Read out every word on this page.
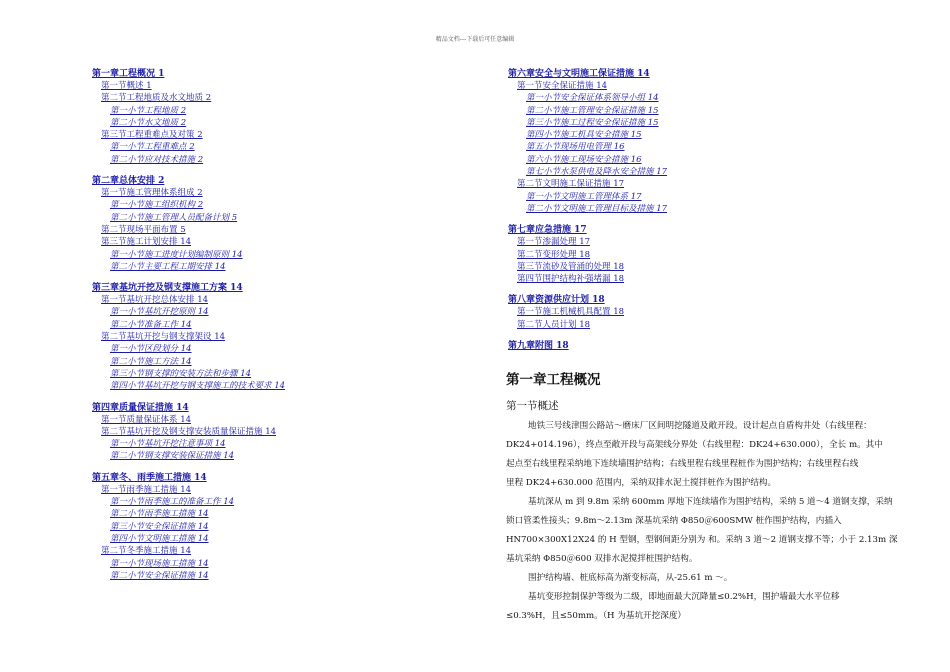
精品文档---下载后可任意编辑
第一章工程概况 1
第一节概述 1
第二节工程地质及水文地质 2
第一小节工程地质 2
第二小节水文地质 2
第三节工程重难点及对策 2
第一小节工程重难点 2
第二小节应对技术措施 2
第二章总体安排 2
第一节施工管理体系组成 2
第一小节施工组织机构 2
第二小节施工管理人员配备计划 5
第二节现场平面布置 5
第三节施工计划安排 14
第一小节施工进度计划编制原则 14
第二小节主要工程工期安排 14
第三章基坑开挖及钢支撑施工方案 14
第一节基坑开挖总体安排 14
第一小节基坑开挖原则 14
第二小节准备工作 14
第二节基坑开挖与钢支撑架设 14
第一小节区段划分 14
第二小节施工方法 14
第三小节钢支撑的安装方法和步骤 14
第四小节基坑开挖与钢支撑施工的技术要求 14
第四章质量保证措施 14
第一节质量保证体系 14
第二节基坑开挖及钢支撑安装质量保证措施 14
第一小节基坑开挖注意事项 14
第二小节钢支撑安装保证措施 14
第五章冬、雨季施工措施 14
第一节雨季施工措施 14
第一小节雨季施工的准备工作 14
第二小节雨季施工措施 14
第三小节安全保证措施 14
第四小节文明施工措施 14
第二节冬季施工措施 14
第一小节现场施工措施 14
第二小节安全保证措施 14
第六章安全与文明施工保证措施 14
第一节安全保证措施 14
第一小节安全保证体系领导小组 14
第二小节施工管理安全保证措施 15
第三小节施工过程安全保证措施 15
第四小节施工机具安全措施 15
第五小节现场用电管理 16
第六小节施工现场安全措施 16
第七小节水泵供电及降水安全措施 17
第二节文明施工保证措施 17
第一小节文明施工管理体系 17
第二小节文明施工管理目标及措施 17
第七章应急措施 17
第一节渗漏处理 17
第二节变形处理 18
第三节流砂及管涌的处理 18
第四节围护结构补强堵漏 18
第八章资源供应计划 18
第一节施工机械机具配置 18
第二节人员计划 18
第九章附图 18
第一章工程概况
第一节概述

地铁三号线津围公路站～磨床厂区间明挖隧道及敞开段。设计起点自盾构井处（右线里程：
DK24+014.196），终点至敞开段与高架线分界处（右线里程：DK24+630.000），全长 m。其中
起点至右线里程采纳地下连续墙围护结构；右线里程右线里程桩作为围护结构；右线里程右线
里程 DK24+630.000 范围内，采纳双排水泥土搅拌桩作为围护结构。

基坑深从 m 到 9.8m 采纳 600mm 厚地下连续墙作为围护结构，采纳 5 道～4 道钢支撑，采纳
锁口管柔性接头；9.8m～2.13m 深基坑采纳 Φ850＠600SMW 桩作围护结构，内插入
HN700×300X12X24 的 H 型钢，型钢间距分别为 和。采纳 3 道～2 道钢支撑不等；小于 2.13m 深
基坑采纳 Φ850＠600 双排水泥搅拌桩围护结构。

围护结构墙、桩底标高为渐变标高，从-25.61 m ～。

基坑变形控制保护等级为二级，即地面最大沉降量≤0.2%H，围护墙最大水平位移
≤0.3%H，且≤50mm。（H 为基坑开挖深度）
